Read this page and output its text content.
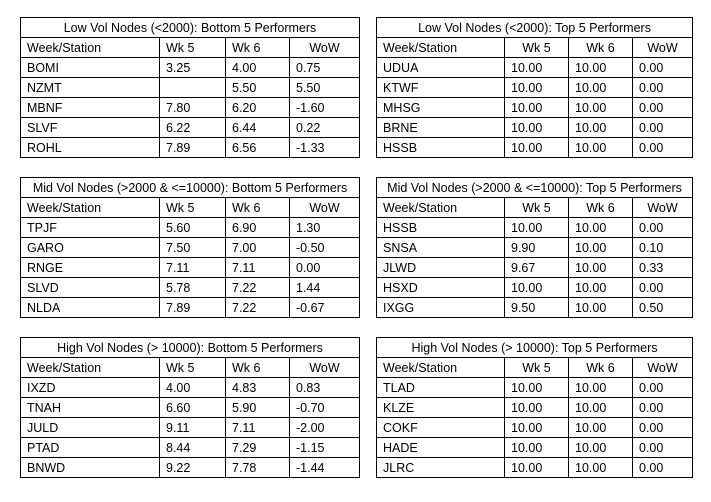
Low Vol Nodes (<2000): Bottom 5 Performers			
Week/Station	Wk 5	Wk 6	WoW
BOMI	3.25	4.00	0.75
NZMT		5.50	5.50
MBNF	7.80	6.20	-1.60
SLVF	6.22	6.44	0.22
ROHL	7.89	6.56	-1.33
Low Vol Nodes (<2000): Top 5 Performers			
Week/Station	Wk 5	Wk 6	WoW
UDUA	10.00	10.00	0.00
KTWF	10.00	10.00	0.00
MHSG	10.00	10.00	0.00
BRNE	10.00	10.00	0.00
HSSB	10.00	10.00	0.00
Mid Vol Nodes (>2000 & <=10000): Bottom 5 Performers			
Week/Station	Wk 5	Wk 6	WoW
TPJF	5.60	6.90	1.30
GARO	7.50	7.00	-0.50
RNGE	7.11	7.11	0.00
SLVD	5.78	7.22	1.44
NLDA	7.89	7.22	-0.67
Mid Vol Nodes (>2000 & <=10000): Top 5 Performers			
Week/Station	Wk 5	Wk 6	WoW
HSSB	10.00	10.00	0.00
SNSA	9.90	10.00	0.10
JLWD	9.67	10.00	0.33
HSXD	10.00	10.00	0.00
IXGG	9.50	10.00	0.50
High Vol Nodes (> 10000): Bottom 5 Performers			
Week/Station	Wk 5	Wk 6	WoW
IXZD	4.00	4.83	0.83
TNAH	6.60	5.90	-0.70
JULD	9.11	7.11	-2.00
PTAD	8.44	7.29	-1.15
BNWD	9.22	7.78	-1.44
High Vol Nodes (> 10000): Top 5 Performers			
Week/Station	Wk 5	Wk 6	WoW
TLAD	10.00	10.00	0.00
KLZE	10.00	10.00	0.00
COKF	10.00	10.00	0.00
HADE	10.00	10.00	0.00
JLRC	10.00	10.00	0.00
